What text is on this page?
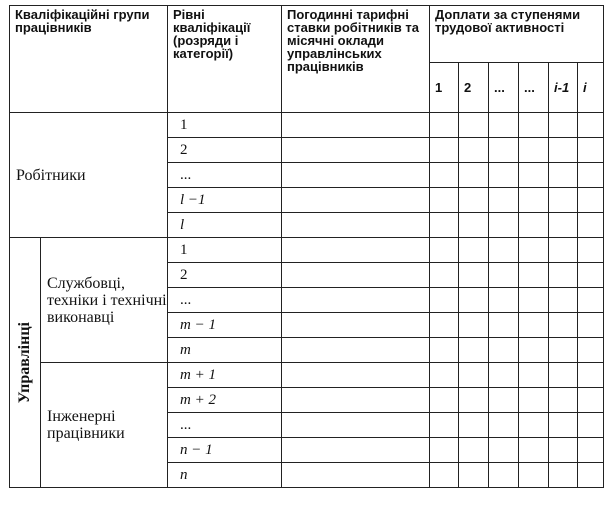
Кваліфікаційні групи працівників		Рівні кваліфікації (розряди і категорії)	Погодинні тарифні ставки робітників та місячні оклади управлінських працівників	Доплати за ступенями трудової активності					
				1	2	...	...	i-1	i
Робітники		1							
		2							
		...							
		l −1							
		l							

Управлінці	Службовці, техніки і технічні виконавці	1							
		2							
		...							
		m − 1							
		m							
	Інженерні працівники	m + 1							
		m + 2							
		...							
		n − 1							
		n							
